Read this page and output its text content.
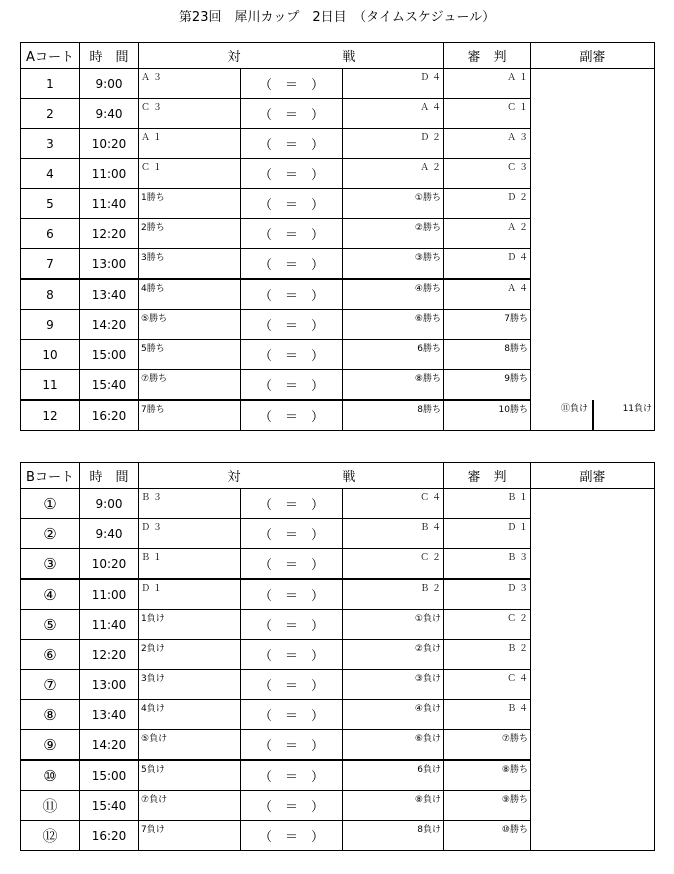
第23回　犀川カップ　2日目　（タイムスケジュール）
Aコート	時　間	対		戦	審　判	副審	
1	9:00	Ａ ３	（　＝　）	Ｄ ４	Ａ １		

2	9:40	Ｃ ３	（　＝　）	Ａ ４	Ｃ １		

3	10:20	Ａ １	（　＝　）	Ｄ ２	Ａ ３		

4	11:00	Ｃ １	（　＝　）	Ａ ２	Ｃ ３		

5	11:40	1勝ち	（　＝　）	①勝ち	Ｄ ２		

6	12:20	2勝ち	（　＝　）	②勝ち	Ａ ２		

7	13:00	3勝ち	（　＝　）	③勝ち	Ｄ ４		

8	13:40	4勝ち	（　＝　）	④勝ち	Ａ ４		

9	14:20	⑤勝ち	（　＝　）	⑥勝ち	7勝ち		

10	15:00	5勝ち	（　＝　）	6勝ち	8勝ち		

11	15:40	⑦勝ち	（　＝　）	⑧勝ち	9勝ち		

12	16:20	7勝ち	（　＝　）	8勝ち	10勝ち	⑪負け	11負け
Bコート	時　間	対		戦	審　判	副審
①	9:00	Ｂ ３	（　＝　）	Ｃ ４	Ｂ １	

②	9:40	Ｄ ３	（　＝　）	Ｂ ４	Ｄ １	

③	10:20	Ｂ １	（　＝　）	Ｃ ２	Ｂ ３	

④	11:00	Ｄ １	（　＝　）	Ｂ ２	Ｄ ３	

⑤	11:40	1負け	（　＝　）	①負け	Ｃ ２	

⑥	12:20	2負け	（　＝　）	②負け	Ｂ ２	

⑦	13:00	3負け	（　＝　）	③負け	Ｃ ４	

⑧	13:40	4負け	（　＝　）	④負け	Ｂ ４	

⑨	14:20	⑤負け	（　＝　）	⑥負け	⑦勝ち	

⑩	15:00	5負け	（　＝　）	6負け	⑧勝ち	

⑪	15:40	⑦負け	（　＝　）	⑧負け	⑨勝ち	

⑫	16:20	7負け	（　＝　）	8負け	⑩勝ち	
